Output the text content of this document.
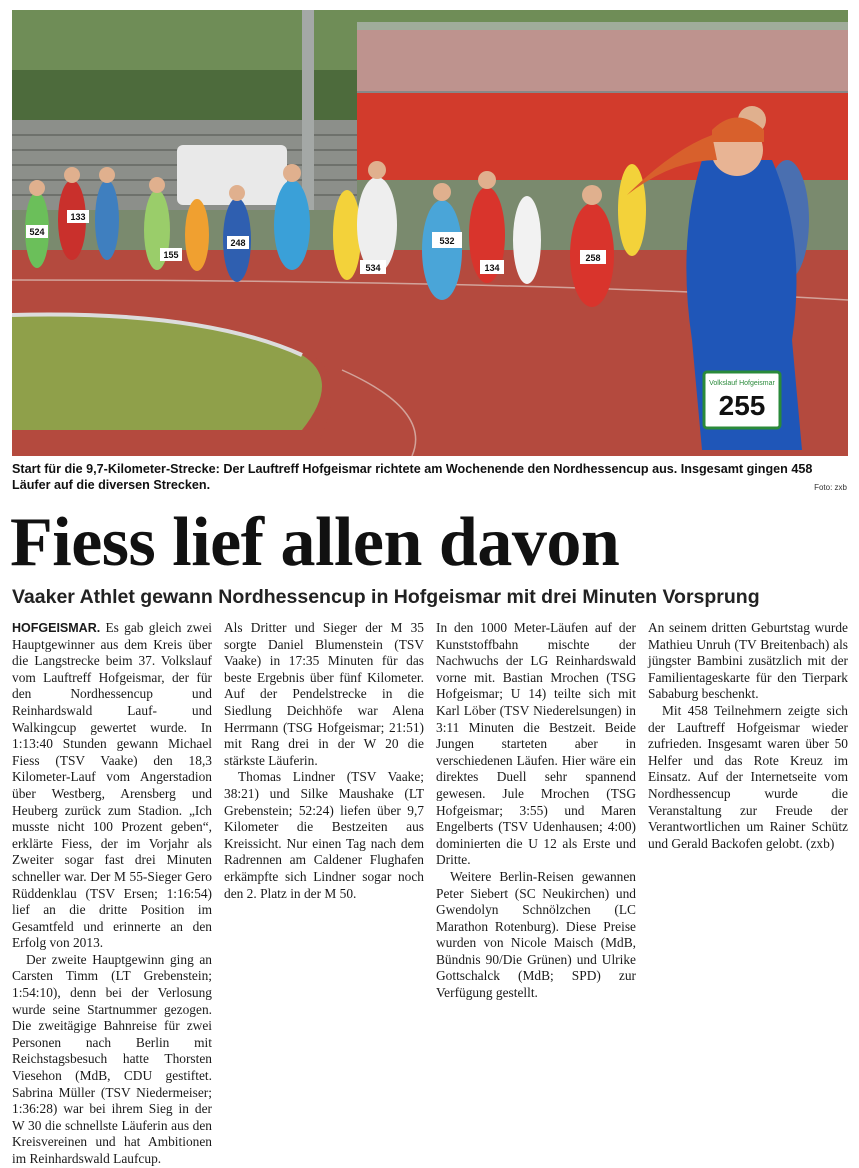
255
Volkslauf Hofgeismar
532
534
155
133
524
248
258
134

Start für die 9,7-Kilometer-Strecke: Der Lauftreff Hofgeismar richtete am Wochenende den Nordhessencup aus. Insgesamt gingen 458 Läufer auf die diversen Strecken.	Foto: zxb
Fiess lief allen davon
Vaaker Athlet gewann Nordhessencup in Hofgeismar mit drei Minuten Vorsprung

HOFGEISMAR. Es gab gleich zwei Hauptgewinner aus dem Kreis über die Langstrecke beim 37. Volkslauf vom Lauftreff Hofgeismar, der für den Nordhessencup und Reinhardswald Lauf- und Walkingcup gewertet wurde. In 1:13:40 Stunden gewann Michael Fiess (TSV Vaake) den 18,3 Kilometer-Lauf vom Angerstadion über Westberg, Arensberg und Heuberg zurück zum Stadion. „Ich musste nicht 100 Prozent geben“, erklärte Fiess, der im Vorjahr als Zweiter sogar fast drei Minuten schneller war. Der M 55-Sieger Gero Rüddenklau (TSV Ersen; 1:16:54) lief an die dritte Position im Gesamtfeld und erinnerte an den Erfolg von 2013.

Der zweite Hauptgewinn ging an Carsten Timm (LT Grebenstein; 1:54:10), denn bei der Verlosung wurde seine Startnummer gezogen. Die zweitägige Bahnreise für zwei Personen nach Berlin mit Reichstagsbesuch hatte Thorsten Viesehon (MdB, CDU gestiftet. Sabrina Müller (TSV Niedermeiser; 1:36:28) war bei ihrem Sieg in der W 30 die schnellste Läuferin aus den Kreisvereinen und hat Ambitionen im Reinhardswald Laufcup.

Als Dritter und Sieger der M 35 sorgte Daniel Blumenstein (TSV Vaake) in 17:35 Minuten für das beste Ergebnis über fünf Kilometer. Auf der Pendelstrecke in die Siedlung Deichhöfe war Alena Herrmann (TSG Hofgeismar; 21:51) mit Rang drei in der W 20 die stärkste Läuferin.

Thomas Lindner (TSV Vaake; 38:21) und Silke Maushake (LT Grebenstein; 52:24) liefen über 9,7 Kilometer die Bestzeiten aus Kreissicht. Nur einen Tag nach dem Radrennen am Caldener Flughafen erkämpfte sich Lindner sogar noch den 2. Platz in der M 50.

In den 1000 Meter-Läufen auf der Kunststoffbahn mischte der Nachwuchs der LG Reinhardswald vorne mit. Bastian Mrochen (TSG Hofgeismar; U 14) teilte sich mit Karl Löber (TSV Niederelsungen) in 3:11 Minuten die Bestzeit. Beide Jungen starteten aber in verschiedenen Läufen. Hier wäre ein direktes Duell sehr spannend gewesen. Jule Mrochen (TSG Hofgeismar; 3:55) und Maren Engelberts (TSV Udenhausen; 4:00) dominierten die U 12 als Erste und Dritte.

Weitere Berlin-Reisen gewannen Peter Siebert (SC Neukirchen) und Gwendolyn Schnölzchen (LC Marathon Rotenburg). Diese Preise wurden von Nicole Maisch (MdB, Bündnis 90/Die Grünen) und Ulrike Gottschalck (MdB; SPD) zur Verfügung gestellt.

An seinem dritten Geburtstag wurde Mathieu Unruh (TV Breitenbach) als jüngster Bambini zusätzlich mit der Familientageskarte für den Tierpark Sababurg beschenkt.

Mit 458 Teilnehmern zeigte sich der Lauftreff Hofgeismar wieder zufrieden. Insgesamt waren über 50 Helfer und das Rote Kreuz im Einsatz. Auf der Internetseite vom Nordhessencup wurde die Veranstaltung zur Freude der Verantwortlichen um Rainer Schütz und Gerald Backofen gelobt. (zxb)
